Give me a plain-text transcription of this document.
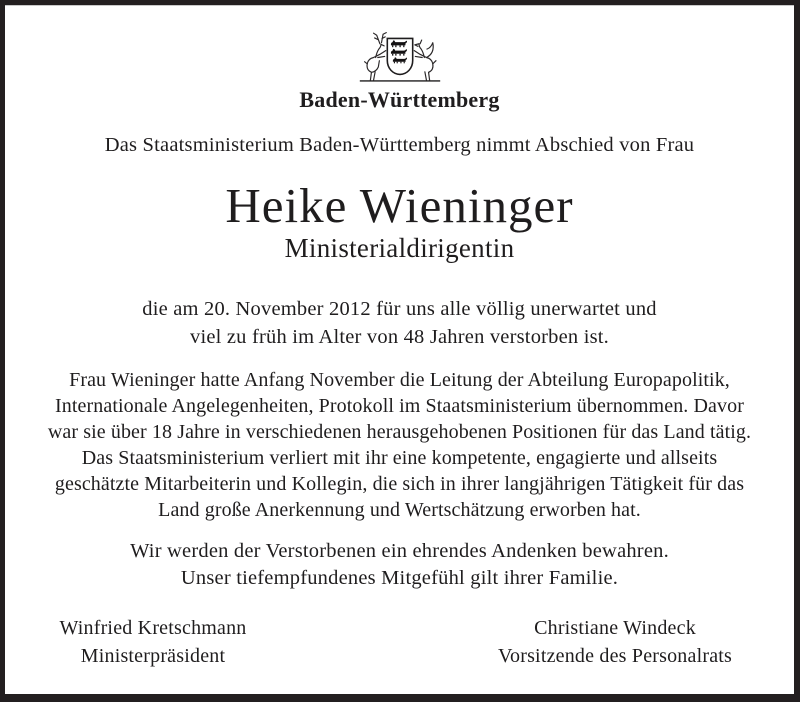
Baden-Württemberg
Das Staatsministerium Baden-Württemberg nimmt Abschied von Frau
Heike Wieninger
Ministerialdirigentin
die am 20. November 2012 für uns alle völlig unerwartet und
viel zu früh im Alter von 48 Jahren verstorben ist.
Frau Wieninger hatte Anfang November die Leitung der Abteilung Europapolitik,
Internationale Angelegenheiten, Protokoll im Staatsministerium übernommen. Davor
war sie über 18 Jahre in verschiedenen herausgehobenen Positionen für das Land tätig.
Das Staatsministerium verliert mit ihr eine kompetente, engagierte und allseits
geschätzte Mitarbeiterin und Kollegin, die sich in ihrer langjährigen Tätigkeit für das
Land große Anerkennung und Wertschätzung erworben hat.
Wir werden der Verstorbenen ein ehrendes Andenken bewahren.
Unser tiefempfundenes Mitgefühl gilt ihrer Familie.
Winfried Kretschmann
Ministerpräsident
Christiane Windeck
Vorsitzende des Personalrats
